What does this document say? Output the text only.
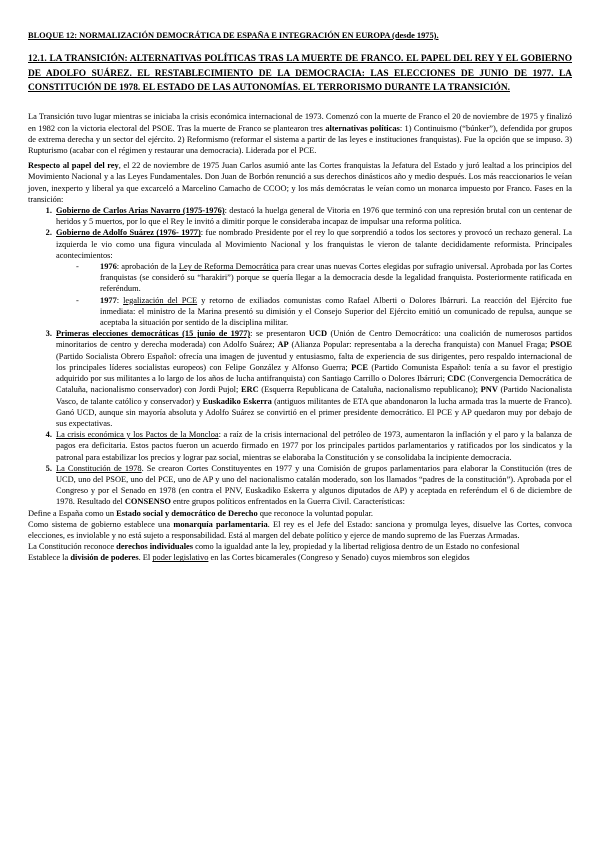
BLOQUE 12: NORMALIZACIÓN DEMOCRÁTICA DE ESPAÑA E INTEGRACIÓN EN EUROPA (desde 1975).
12.1. LA TRANSICIÓN: ALTERNATIVAS POLÍTICAS TRAS LA MUERTE DE FRANCO. EL PAPEL DEL REY Y EL GOBIERNO DE ADOLFO SUÁREZ. EL RESTABLECIMIENTO DE LA DEMOCRACIA: LAS ELECCIONES DE JUNIO DE 1977. LA CONSTITUCIÓN DE 1978. EL ESTADO DE LAS AUTONOMÍAS. EL TERRORISMO DURANTE LA TRANSICIÓN.

La Transición tuvo lugar mientras se iniciaba la crisis económica internacional de 1973. Comenzó con la muerte de Franco el 20 de noviembre de 1975 y finalizó en 1982 con la victoria electoral del PSOE. Tras la muerte de Franco se plantearon tres alternativas políticas: 1) Continuismo (“búnker”), defendida por grupos de extrema derecha y un sector del ejército. 2) Reformismo (reformar el sistema a partir de las leyes e instituciones franquistas). Fue la opción que se impuso. 3) Rupturismo (acabar con el régimen y restaurar una democracia). Liderada por el PCE.

Respecto al papel del rey, el 22 de noviembre de 1975 Juan Carlos asumió ante las Cortes franquistas la Jefatura del Estado y juró lealtad a los principios del Movimiento Nacional y a las Leyes Fundamentales. Don Juan de Borbón renunció a sus derechos dinásticos año y medio después. Los más reaccionarios le veían joven, inexperto y liberal ya que excarceló a Marcelino Camacho de CCOO; y los más demócratas le veían como un monarca impuesto por Franco. Fases en la transición:

1. Gobierno de Carlos Arias Navarro (1975-1976): destacó la huelga general de Vitoria en 1976 que terminó con una represión brutal con un centenar de heridos y 5 muertos, por lo que el Rey le invitó a dimitir porque le consideraba incapaz de impulsar una reforma política.
2. Gobierno de Adolfo Suárez (1976- 1977): fue nombrado Presidente por el rey lo que sorprendió a todos los sectores y provocó un rechazo general. La izquierda le vio como una figura vinculada al Movimiento Nacional y los franquistas le vieron de talante decididamente reformista. Principales acontecimientos:
- 1976: aprobación de la Ley de Reforma Democrática para crear unas nuevas Cortes elegidas por sufragio universal. Aprobada por las Cortes franquistas (se consideró su “harakiri”) porque se quería llegar a la democracia desde la legalidad franquista. Posteriormente ratificada en referéndum.
- 1977: legalización del PCE y retorno de exiliados comunistas como Rafael Alberti o Dolores Ibárruri. La reacción del Ejército fue inmediata: el ministro de la Marina presentó su dimisión y el Consejo Superior del Ejército emitió un comunicado de repulsa, aunque se aceptaba la situación por sentido de la disciplina militar.
3. Primeras elecciones democráticas (15 junio de 1977): se presentaron UCD (Unión de Centro Democrático: una coalición de numerosos partidos minoritarios de centro y derecha moderada) con Adolfo Suárez; AP (Alianza Popular: representaba a la derecha franquista) con Manuel Fraga; PSOE (Partido Socialista Obrero Español: ofrecía una imagen de juventud y entusiasmo, falta de experiencia de sus dirigentes, pero respaldo internacional de los principales líderes socialistas europeos) con Felipe González y Alfonso Guerra; PCE (Partido Comunista Español: tenía a su favor el prestigio adquirido por sus militantes a lo largo de los años de lucha antifranquista) con Santiago Carrillo o Dolores Ibárruri; CDC (Convergencia Democrática de Cataluña, nacionalismo conservador) con Jordi Pujol; ERC (Esquerra Republicana de Cataluña, nacionalismo republicano); PNV (Partido Nacionalista Vasco, de talante católico y conservador) y Euskadiko Eskerra (antiguos militantes de ETA que abandonaron la lucha armada tras la muerte de Franco). Ganó UCD, aunque sin mayoría absoluta y Adolfo Suárez se convirtió en el primer presidente democrático. El PCE y AP quedaron muy por debajo de sus expectativas.
4. La crisis económica y los Pactos de la Moncloa: a raíz de la crisis internacional del petróleo de 1973, aumentaron la inflación y el paro y la balanza de pagos era deficitaria. Estos pactos fueron un acuerdo firmado en 1977 por los principales partidos parlamentarios y ratificados por los sindicatos y la patronal para estabilizar los precios y lograr paz social, mientras se elaboraba la Constitución y se consolidaba la incipiente democracia.
5. La Constitución de 1978. Se crearon Cortes Constituyentes en 1977 y una Comisión de grupos parlamentarios para elaborar la Constitución (tres de UCD, uno del PSOE, uno del PCE, uno de AP y uno del nacionalismo catalán moderado, son los llamados “padres de la constitución”). Aprobada por el Congreso y por el Senado en 1978 (en contra el PNV, Euskadiko Eskerra y algunos diputados de AP) y aceptada en referéndum el 6 de diciembre de 1978. Resultado del CONSENSO entre grupos políticos enfrentados en la Guerra Civil. Características:

Define a España como un Estado social y democrático de Derecho que reconoce la voluntad popular.

Como sistema de gobierno establece una monarquía parlamentaria. El rey es el Jefe del Estado: sanciona y promulga leyes, disuelve las Cortes, convoca elecciones, es inviolable y no está sujeto a responsabilidad. Está al margen del debate político y ejerce de mando supremo de las Fuerzas Armadas.

La Constitución reconoce derechos individuales como la igualdad ante la ley, propiedad y la libertad religiosa dentro de un Estado no confesional

Establece la división de poderes. El poder legislativo en las Cortes bicamerales (Congreso y Senado) cuyos miembros son elegidos
